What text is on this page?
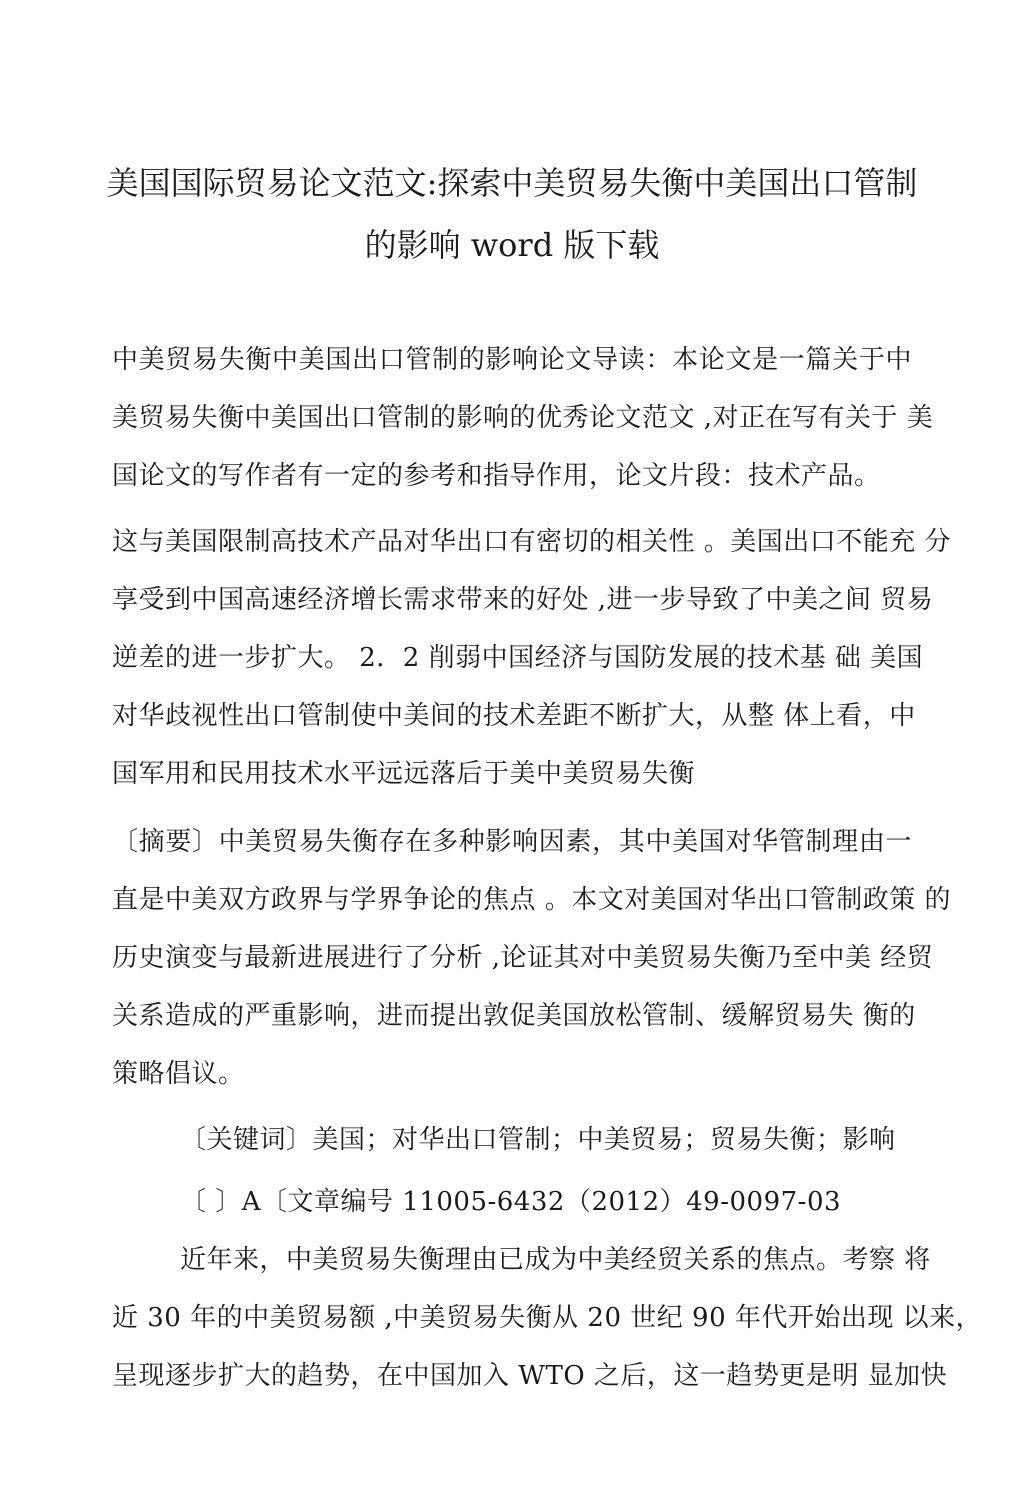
美国国际贸易论文范文:探索中美贸易失衡中美国出口管制
的影响 word 版下载
中美贸易失衡中美国出口管制的影响论文导读：本论文是一篇关于中
美贸易失衡中美国出口管制的影响的优秀论文范文 ,对正在写有关于 美
国论文的写作者有一定的参考和指导作用，论文片段：技术产品。
这与美国限制高技术产品对华出口有密切的相关性 。美国出口不能充 分
享受到中国高速经济增长需求带来的好处 ,进一步导致了中美之间 贸易
逆差的进一步扩大。 2．2 削弱中国经济与国防发展的技术基 础 美国
对华歧视性出口管制使中美间的技术差距不断扩大，从整 体上看，中
国军用和民用技术水平远远落后于美中美贸易失衡
〔摘要〕中美贸易失衡存在多种影响因素，其中美国对华管制理由一
直是中美双方政界与学界争论的焦点 。本文对美国对华出口管制政策 的
历史演变与最新进展进行了分析 ,论证其对中美贸易失衡乃至中美 经贸
关系造成的严重影响，进而提出敦促美国放松管制、缓解贸易失 衡的
策略倡议。
〔关键词〕美国；对华出口管制；中美贸易；贸易失衡；影响
〔 〕A〔文章编号 11005-6432（2012）49-0097-03
近年来，中美贸易失衡理由已成为中美经贸关系的焦点。考察 将
近 30 年的中美贸易额 ,中美贸易失衡从 20 世纪 90 年代开始出现 以来，
呈现逐步扩大的趋势，在中国加入 WTO 之后，这一趋势更是明 显加快
